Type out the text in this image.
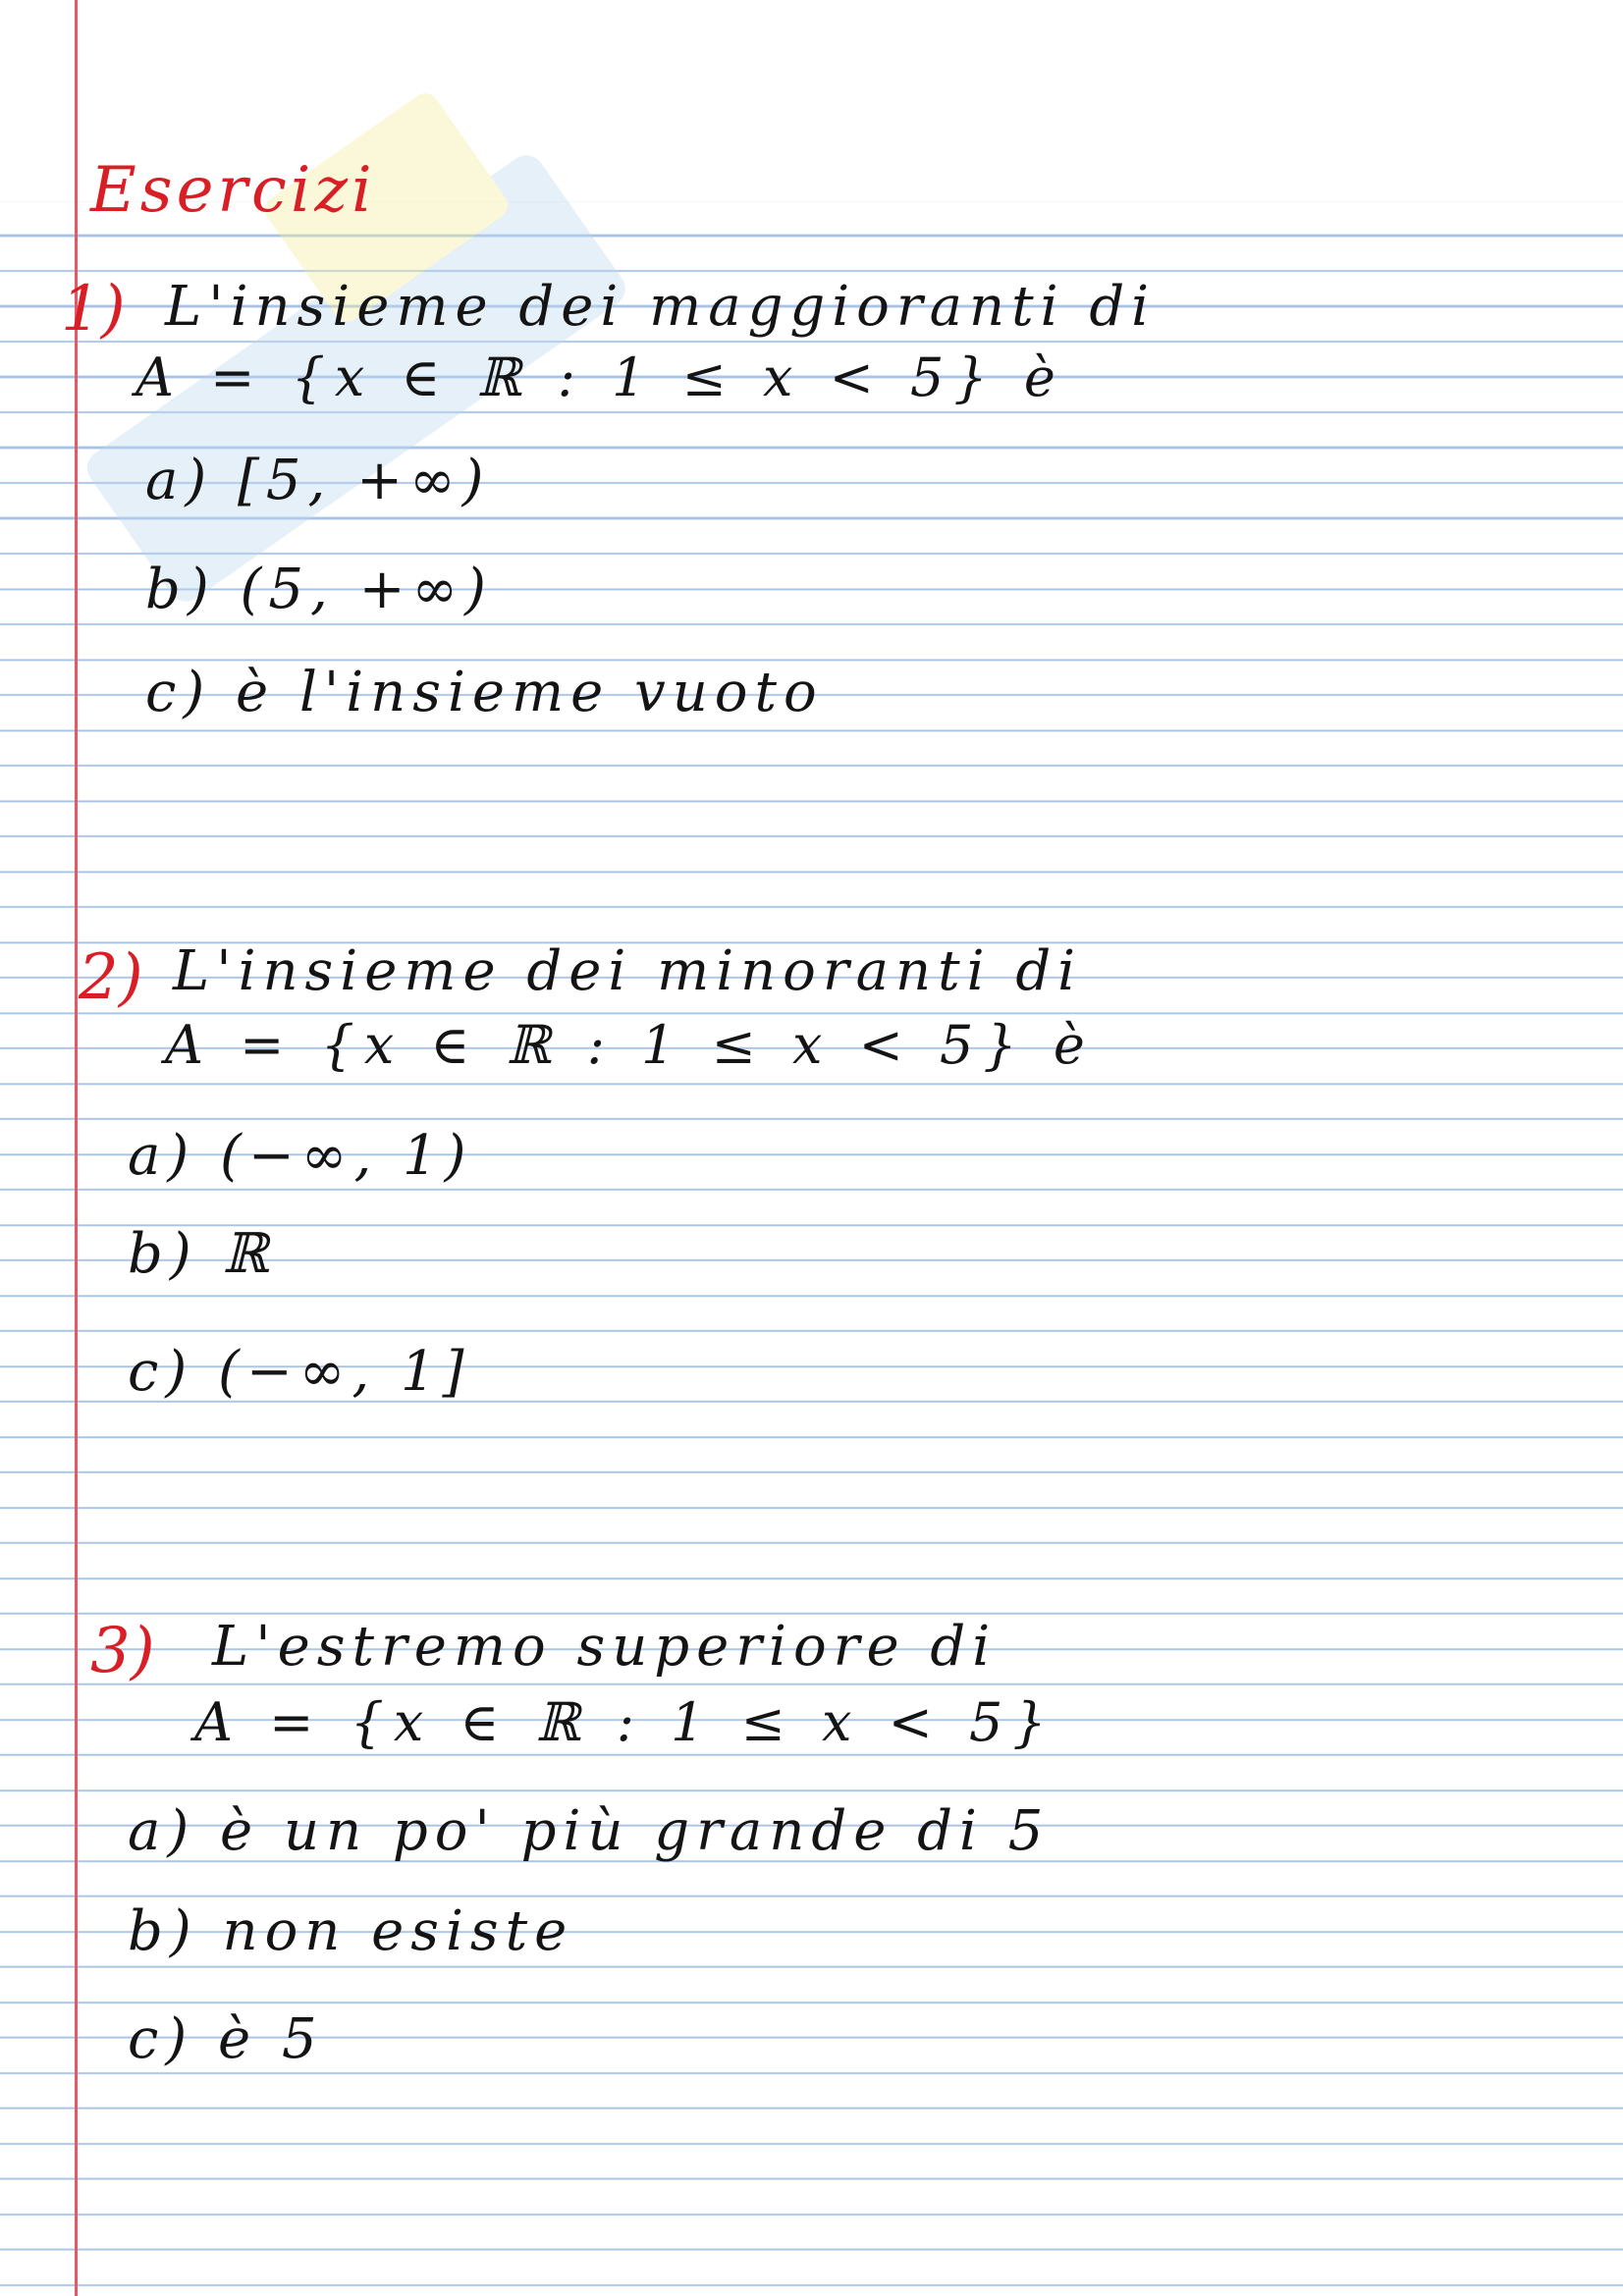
Esercizi
1) L'insieme dei maggioranti di
A = {x ∈ ℝ : 1 ≤ x < 5} è
a) [5, +∞)
b) (5, +∞)
c) è l'insieme vuoto
2) L'insieme dei minoranti di
A = {x ∈ ℝ : 1 ≤ x < 5} è
a) (−∞, 1)
b) ℝ
c) (−∞, 1]
3) L'estremo superiore di
A = {x ∈ ℝ : 1 ≤ x < 5}
a) è un po' più grande di 5
b) non esiste
c) è 5
